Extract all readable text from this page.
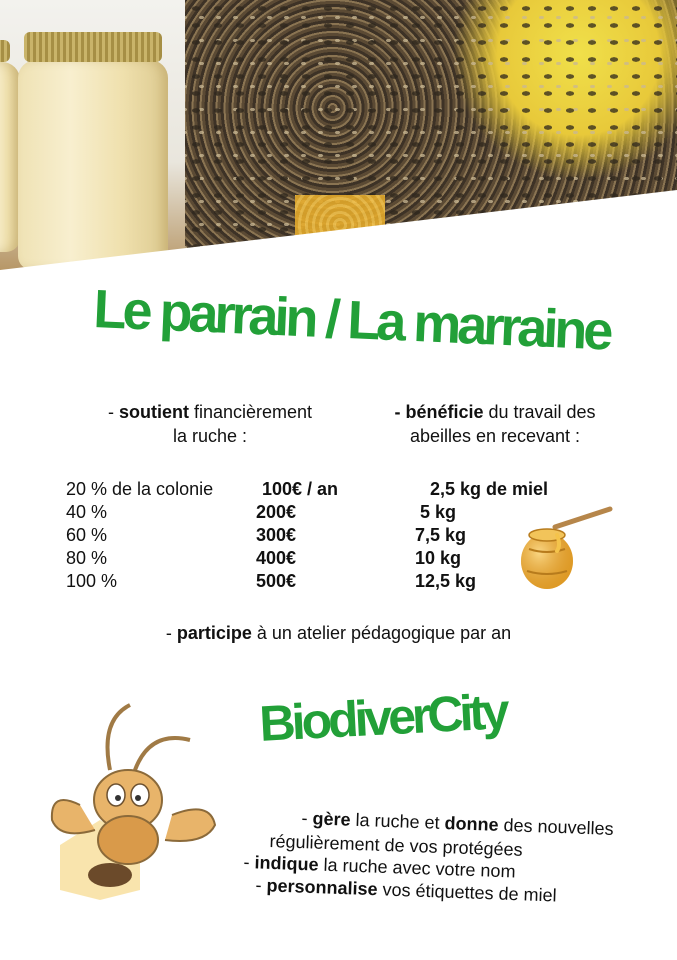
Le parrain / La marraine
- soutient financièrement
la ruche :
- bénéficie du travail des
abeilles en recevant :
20 % de la colonie	100€ / an	2,5 kg de miel
40 %	200€	5 kg
60 %	300€	7,5 kg
80 %	400€	10 kg
100 %	500€	12,5 kg
- participe à un atelier pédagogique par an
BiodiverCity
- gère la ruche et donne des nouvelles
régulièrement de vos protégées
- indique la ruche avec votre nom
- personnalise vos étiquettes de miel
